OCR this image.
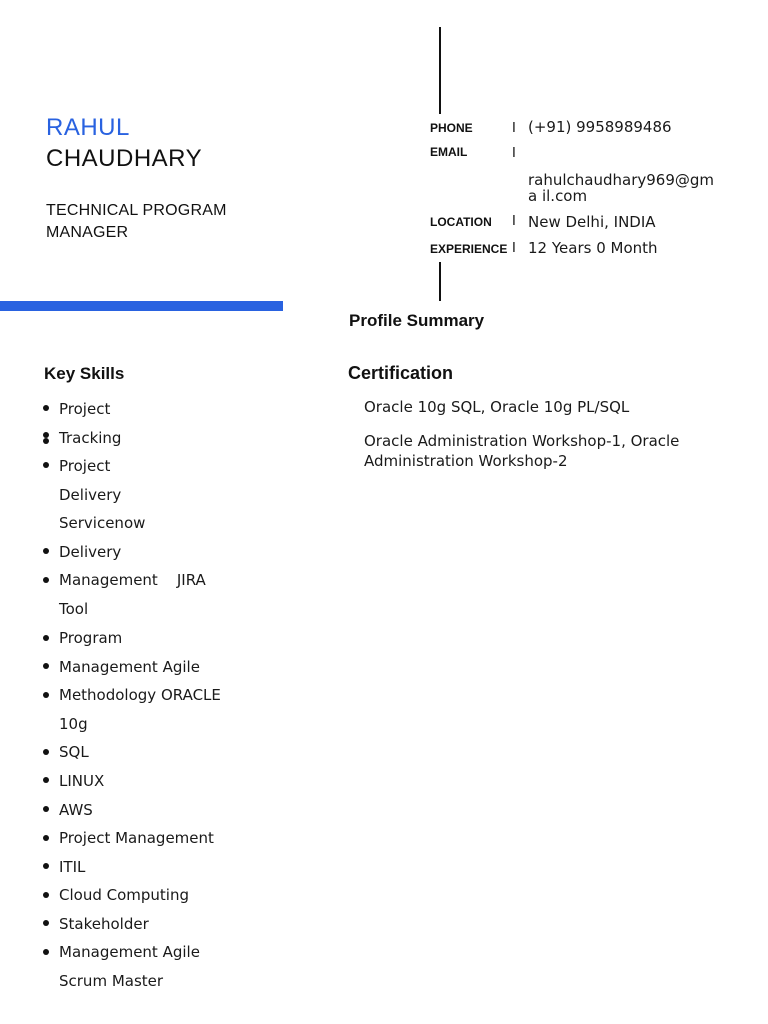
RAHUL
CHAUDHARY
TECHNICAL PROGRAM MANAGER
PHONE	I (+91) 9958989486
EMAIL	I
rahulchaudhary969@gma il.com
LOCATION I New Delhi, INDIA
EXPERIENCE I 12 Years 0 Month
Profile Summary
Key Skills	Certification
Project
Tracking
Project
Delivery
Servicenow
Delivery
Management    JIRA
Tool
Program
Management Agile
Methodology ORACLE
10g
SQL
LINUX
AWS
Project Management
ITIL
Cloud Computing
Stakeholder
Management Agile
Scrum Master
Oracle 10g SQL, Oracle 10g PL/SQL
Oracle Administration Workshop-1, Oracle Administration Workshop-2
